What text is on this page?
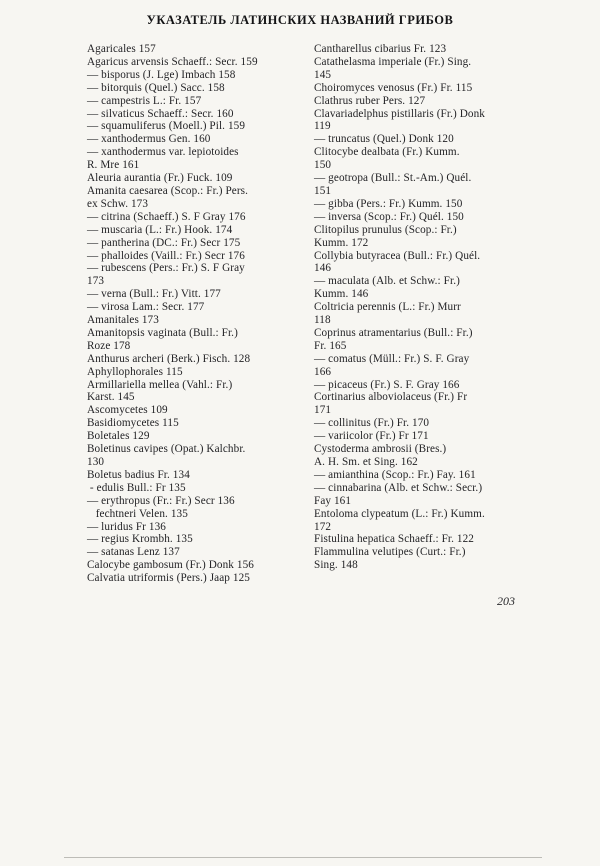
УКАЗАТЕЛЬ ЛАТИНСКИХ НАЗВАНИЙ ГРИБОВ
Agaricales 157
Agaricus arvensis Schaeff.: Secr. 159
— bisporus (J. Lge) Imbach 158
— bitorquis (Quel.) Sacc. 158
— campestris L.: Fr. 157
— silvaticus Schaeff.: Secr. 160
— squamuliferus (Moell.) Pil. 159
— xanthodermus Gen. 160
— xanthodermus var. lepiotoides
R. Mre 161
Aleuria aurantia (Fr.) Fuck. 109
Amanita caesarea (Scop.: Fr.) Pers.
ex Schw. 173
— citrina (Schaeff.) S. F Gray 176
— muscaria (L.: Fr.) Hook. 174
— pantherina (DC.: Fr.) Secr 175
— phalloides (Vaill.: Fr.) Secr 176
— rubescens (Pers.: Fr.) S. F Gray
173
— verna (Bull.: Fr.) Vitt. 177
— virosa Lam.: Secr. 177
Amanitales 173
Amanitopsis vaginata (Bull.: Fr.)
Roze 178
Anthurus archeri (Berk.) Fisch. 128
Aphyllophorales 115
Armillariella mellea (Vahl.: Fr.)
Karst. 145
Ascomycetes 109
Basidiomycetes 115
Boletales 129
Boletinus cavipes (Opat.) Kalchbr.
130
Boletus badius Fr. 134
- edulis Bull.: Fr 135
— erythropus (Fr.: Fr.) Secr 136
fechtneri Velen. 135
— luridus Fr 136
— regius Krombh. 135
— satanas Lenz 137
Calocybe gambosum (Fr.) Donk 156
Calvatia utriformis (Pers.) Jaap 125
Cantharellus cibarius Fr. 123
Catathelasma imperiale (Fr.) Sing.
145
Choiromyces venosus (Fr.) Fr. 115
Clathrus ruber Pers. 127
Clavariadelphus pistillaris (Fr.) Donk
119
— truncatus (Quel.) Donk 120
Clitocybe dealbata (Fr.) Kumm.
150
— geotropa (Bull.: St.-Am.) Quél.
151
— gibba (Pers.: Fr.) Kumm. 150
— inversa (Scop.: Fr.) Quél. 150
Clitopilus prunulus (Scop.: Fr.)
Kumm. 172
Collybia butyracea (Bull.: Fr.) Quél.
146
— maculata (Alb. et Schw.: Fr.)
Kumm. 146
Coltricia perennis (L.: Fr.) Murr
118
Coprinus atramentarius (Bull.: Fr.)
Fr. 165
— comatus (Müll.: Fr.) S. F. Gray
166
— picaceus (Fr.) S. F. Gray 166
Cortinarius alboviolaceus (Fr.) Fr
171
— collinitus (Fr.) Fr. 170
— variicolor (Fr.) Fr 171
Cystoderma ambrosii (Bres.)
A. H. Sm. et Sing. 162
— amianthina (Scop.: Fr.) Fay. 161
— cinnabarina (Alb. et Schw.: Secr.)
Fay 161
Entoloma clypeatum (L.: Fr.) Kumm.
172
Fistulina hepatica Schaeff.: Fr. 122
Flammulina velutipes (Curt.: Fr.)
Sing. 148
203
